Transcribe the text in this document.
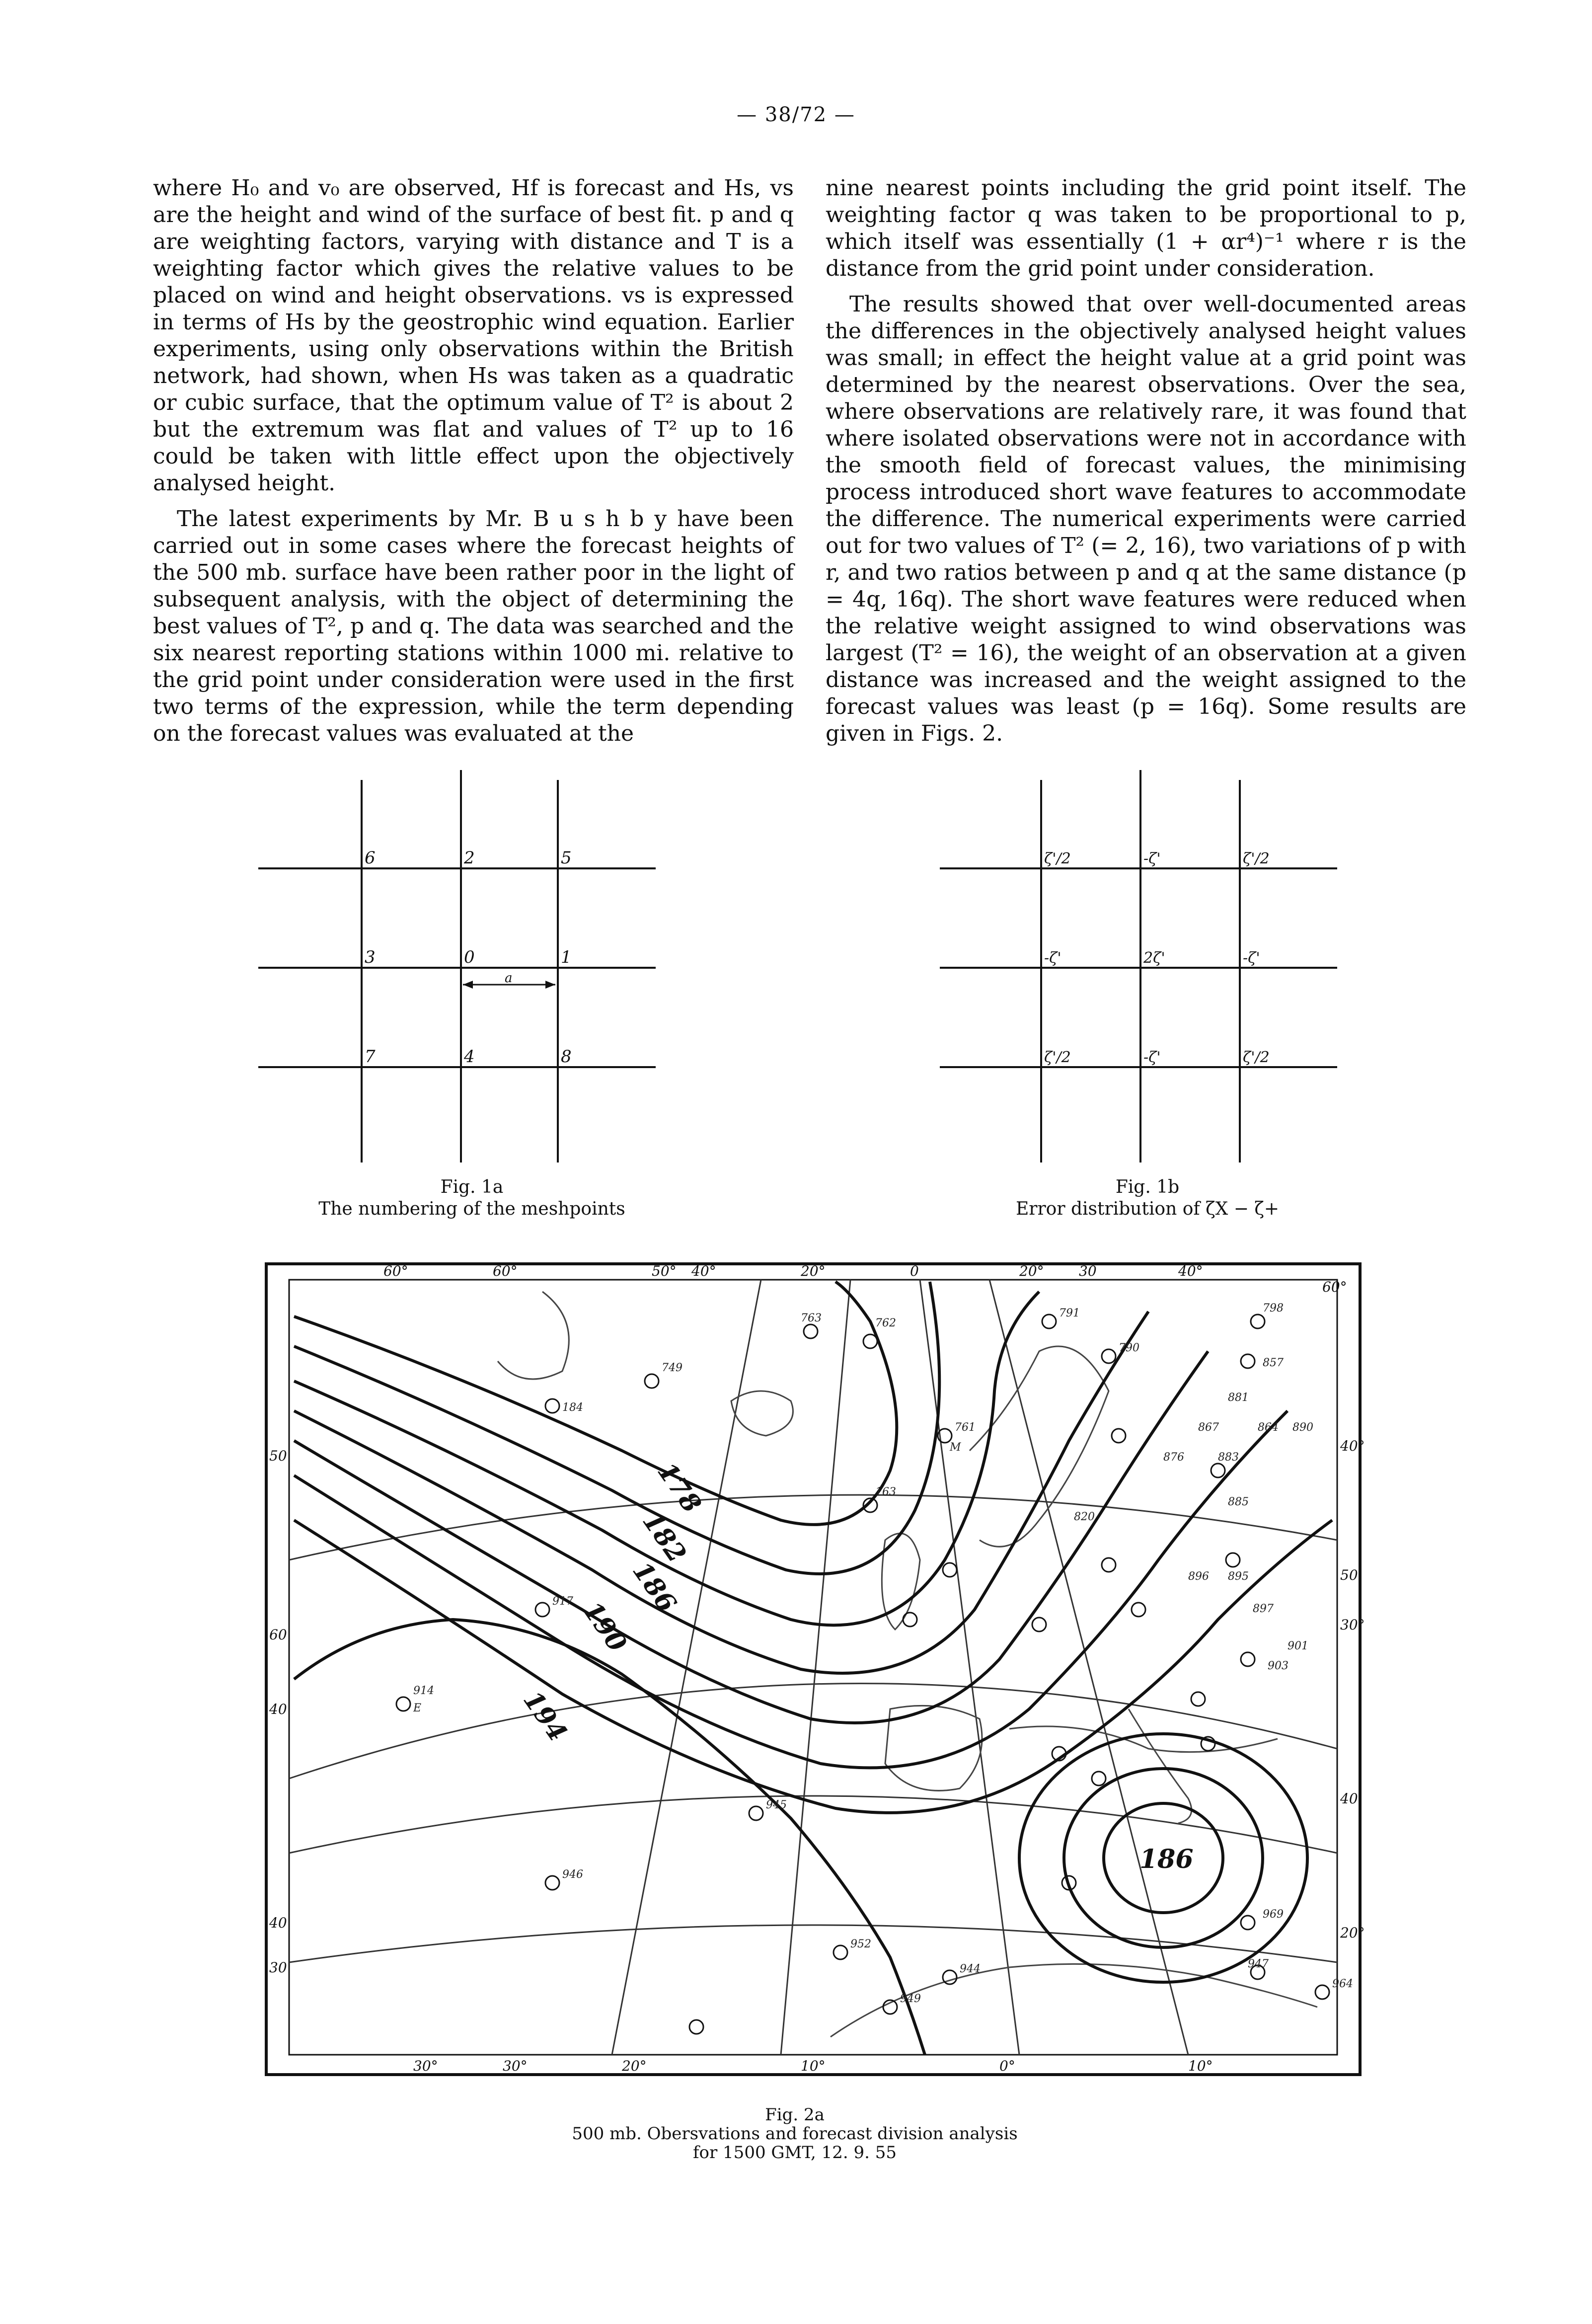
— 38/72 —

where H₀ and v₀ are observed, Hf is forecast and Hs, vs are the height and wind of the surface of best fit. p and q are weighting factors, varying with distance and T is a weighting factor which gives the relative values to be placed on wind and height observations. vs is expressed in terms of Hs by the geostrophic wind equation. Earlier experiments, using only observations within the British network, had shown, when Hs was taken as a quadratic or cubic surface, that the optimum value of T² is about 2 but the extremum was flat and values of T² up to 16 could be taken with little effect upon the objectively analysed height.

The latest experiments by Mr. B u s h b y have been carried out in some cases where the forecast heights of the 500 mb. surface have been rather poor in the light of subsequent analysis, with the object of determining the best values of T², p and q. The data was searched and the six nearest reporting stations within 1000 mi. relative to the grid point under consideration were used in the first two terms of the expression, while the term depending on the forecast values was evaluated at the

nine nearest points including the grid point itself. The weighting factor q was taken to be proportional to p, which itself was essentially (1 + αr⁴)⁻¹ where r is the distance from the grid point under consideration.

The results showed that over well-documented areas the differences in the objectively analysed height values was small; in effect the height value at a grid point was determined by the nearest observations. Over the sea, where observations are relatively rare, it was found that where isolated observations were not in accordance with the smooth field of forecast values, the minimising process introduced short wave features to accommodate the difference. The numerical experiments were carried out for two values of T² (= 2, 16), two variations of p with r, and two ratios between p and q at the same distance (p = 4q, 16q). The short wave features were reduced when the relative weight assigned to wind observations was largest (T² = 16), the weight of an observation at a given distance was increased and the weight assigned to the forecast values was least (p = 16q). Some results are given in Figs. 2.

6	2	5
3	0	1
7	4	8
a
Fig. 1a
The numbering of the meshpoints
ζ'/2	-ζ'	ζ'/2
-ζ'	2ζ'	-ζ'
ζ'/2	-ζ'	ζ'/2
Fig. 1b
Error distribution of ζX − ζ+
178
182
186
190
194
186
763	762
791
790
798
857
749
184
761
M
881
867	864 890
876	883
163
820
885
896 895
897
901
903
917
914
E
945
946
952
944
949
964
969
947
60°	60°	50° 40°	20°	0	20°	30	40°
60°
30°	30°	20°	10°	0°	10°
50
60
40
40
30
40°
50
30°
40
20°
Fig. 2a
500 mb. Obersvations and forecast division analysis
for 1500 GMT, 12. 9. 55
